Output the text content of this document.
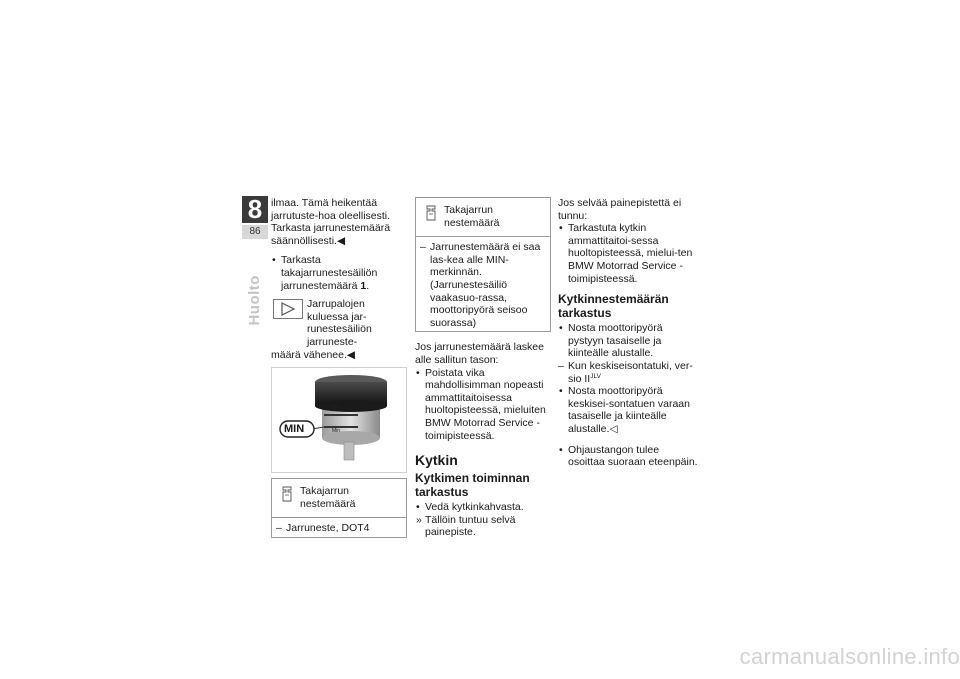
8
86
Huolto

ilmaa. Tämä heikentää jarrutuste-hoa oleellisesti.

Tarkasta jarrunestemäärä säännöllisesti.◀

• Tarkasta takajarrunestesäiliön jarrunestemäärä 1.

Jarrupalojen kuluessa jar-runestesäiliön jarruneste-

määrä vähenee.◀

MIN
MAX
Min
Takajarrun nestemäärä

– Jarruneste, DOT4

Takajarrun nestemäärä

– Jarrunestemäärä ei saa las-kea alle MIN-merkinnän. (Jarrunestesäiliö vaakasuo-rassa, moottoripyörä seisoo suorassa)

Jos jarrunestemäärä laskee alle sallitun tason:

• Poistata vika mahdollisimman nopeasti ammattitaitoisessa huoltopisteessä, mieluiten BMW Motorrad Service -toimipisteessä.

Kytkin
Kytkimen toiminnan tarkastus

• Vedä kytkinkahvasta.

» Tällöin tuntuu selvä painepiste.

Jos selvää painepistettä ei tunnu:

• Tarkastuta kytkin ammattitaitoi-sessa huoltopisteessä, mielui-ten BMW Motorrad Service -toimipisteessä.

Kytkinnestemäärän tarkastus

• Nosta moottoripyörä pystyyn tasaiselle ja kiinteälle alustalle.

– Kun keskiseisontatuki, ver-sio $II^{JLV}$

• Nosta moottoripyörä keskisei-sontatuen varaan tasaiselle ja kiinteälle alustalle.◁

• Ohjaustangon tulee osoittaa suoraan eteenpäin.

carmanualsonline.info
